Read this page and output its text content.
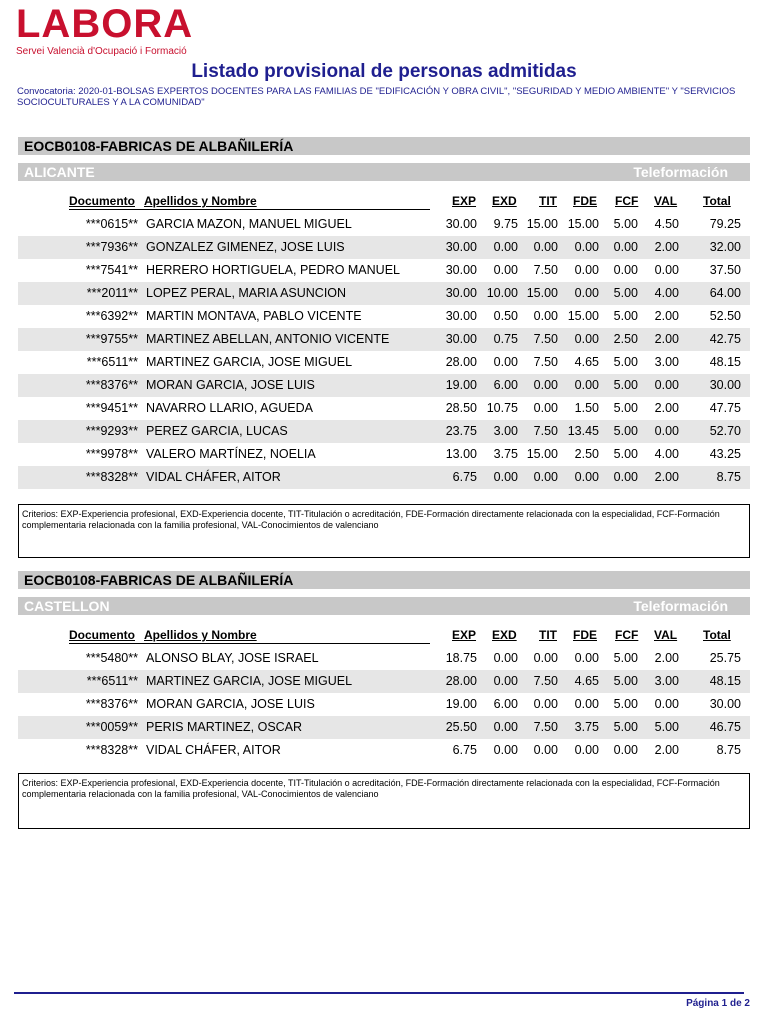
LABORA
Servei Valencià d'Ocupació i Formació
Listado provisional de personas admitidas
Convocatoria: 2020-01-BOLSAS EXPERTOS DOCENTES PARA LAS FAMILIAS DE "EDIFICACIÓN Y OBRA CIVIL", "SEGURIDAD Y MEDIO AMBIENTE" Y "SERVICIOS SOCIOCULTURALES Y A LA COMUNIDAD"
EOCB0108-FABRICAS DE ALBAÑILERÍA
ALICANTE	Teleformación
Documento Apellidos y Nombre	EXP EXD TIT FDE FCF VAL Total
***0615** GARCIA MAZON, MANUEL MIGUEL	30.00	9.75 15.00 15.00	5.00	4.50	79.25
***7936** GONZALEZ GIMENEZ, JOSE LUIS	30.00	0.00	0.00	0.00	0.00	2.00	32.00
***7541** HERRERO HORTIGUELA, PEDRO MANUEL	30.00	0.00	7.50	0.00	0.00	0.00	37.50
***2011** LOPEZ PERAL, MARIA ASUNCION	30.00 10.00 15.00	0.00	5.00	4.00	64.00
***6392** MARTIN MONTAVA, PABLO VICENTE	30.00	0.50	0.00 15.00	5.00	2.00	52.50
***9755** MARTINEZ ABELLAN, ANTONIO VICENTE	30.00	0.75	7.50	0.00	2.50	2.00	42.75
***6511** MARTINEZ GARCIA, JOSE MIGUEL	28.00	0.00	7.50	4.65	5.00	3.00	48.15
***8376** MORAN GARCIA, JOSE LUIS	19.00	6.00	0.00	0.00	5.00	0.00	30.00
***9451** NAVARRO LLARIO, AGUEDA	28.50 10.75	0.00	1.50	5.00	2.00	47.75
***9293** PEREZ GARCIA, LUCAS	23.75	3.00	7.50 13.45	5.00	0.00	52.70
***9978** VALERO MARTÍNEZ, NOELIA	13.00	3.75 15.00	2.50	5.00	4.00	43.25
***8328** VIDAL CHÁFER, AITOR	6.75	0.00	0.00	0.00	0.00	2.00	8.75
Criterios: EXP-Experiencia profesional, EXD-Experiencia docente, TIT-Titulación o acreditación, FDE-Formación directamente relacionada con la especialidad, FCF-Formación complementaria relacionada con la familia profesional, VAL-Conocimientos de valenciano
EOCB0108-FABRICAS DE ALBAÑILERÍA
CASTELLON	Teleformación
Documento Apellidos y Nombre	EXP EXD TIT FDE FCF VAL Total
***5480** ALONSO BLAY, JOSE ISRAEL	18.75	0.00	0.00	0.00	5.00	2.00	25.75
***6511** MARTINEZ GARCIA, JOSE MIGUEL	28.00	0.00	7.50	4.65	5.00	3.00	48.15
***8376** MORAN GARCIA, JOSE LUIS	19.00	6.00	0.00	0.00	5.00	0.00	30.00
***0059** PERIS MARTINEZ, OSCAR	25.50	0.00	7.50	3.75	5.00	5.00	46.75
***8328** VIDAL CHÁFER, AITOR	6.75	0.00	0.00	0.00	0.00	2.00	8.75
Criterios: EXP-Experiencia profesional, EXD-Experiencia docente, TIT-Titulación o acreditación, FDE-Formación directamente relacionada con la especialidad, FCF-Formación complementaria relacionada con la familia profesional, VAL-Conocimientos de valenciano
Página 1 de 2
